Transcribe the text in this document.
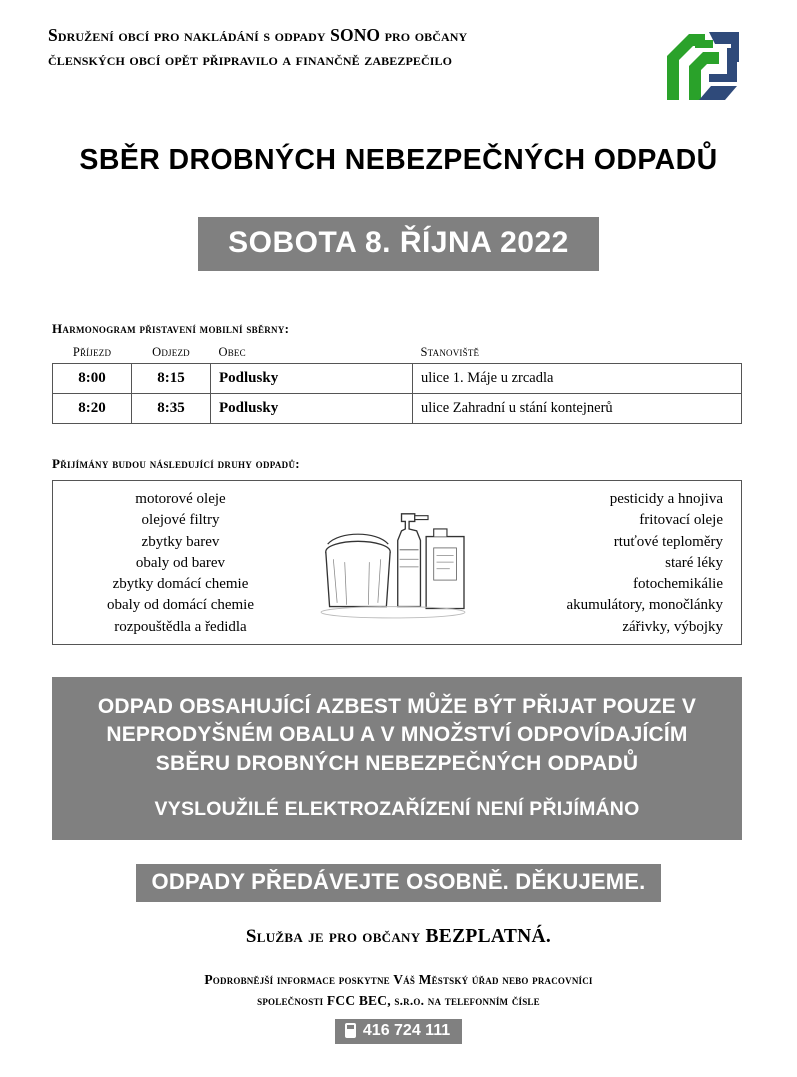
Sdružení obcí pro nakládání s odpady SONO pro občany
členských obcí opět připravilo a finančně zabezpečilo
SBĚR DROBNÝCH NEBEZPEČNÝCH ODPADŮ
SOBOTA 8. ŘÍJNA 2022
Harmonogram přistavení mobilní sběrny:
Příjezd	Odjezd	Obec	Stanoviště
8:00	8:15	Podlusky	ulice 1. Máje u zrcadla
8:20	8:35	Podlusky	ulice Zahradní u stání kontejnerů
Přijímány budou následující druhy odpadů:
motorové oleje
olejové filtry
zbytky barev
obaly od barev
zbytky domácí chemie
obaly od domácí chemie
rozpouštědla a ředidla
pesticidy a hnojiva
fritovací oleje
rtuťové teploměry
staré léky
fotochemikálie
akumulátory, monočlánky
zářivky, výbojky
ODPAD OBSAHUJÍCÍ AZBEST MŮŽE BÝT PŘIJAT POUZE V NEPRODYŠNÉM OBALU A V MNOŽSTVÍ ODPOVÍDAJÍCÍM SBĚRU DROBNÝCH NEBEZPEČNÝCH ODPADŮ
VYSLOUŽILÉ ELEKTROZAŘÍZENÍ NENÍ PŘIJÍMÁNO
ODPADY PŘEDÁVEJTE OSOBNĚ. DĚKUJEME.
Služba je pro občany BEZPLATNÁ.
Podrobnější informace poskytne Váš Městský úřad nebo pracovníci
společnosti FCC BEC, s.r.o. na telefonním čísle
416 724 111
